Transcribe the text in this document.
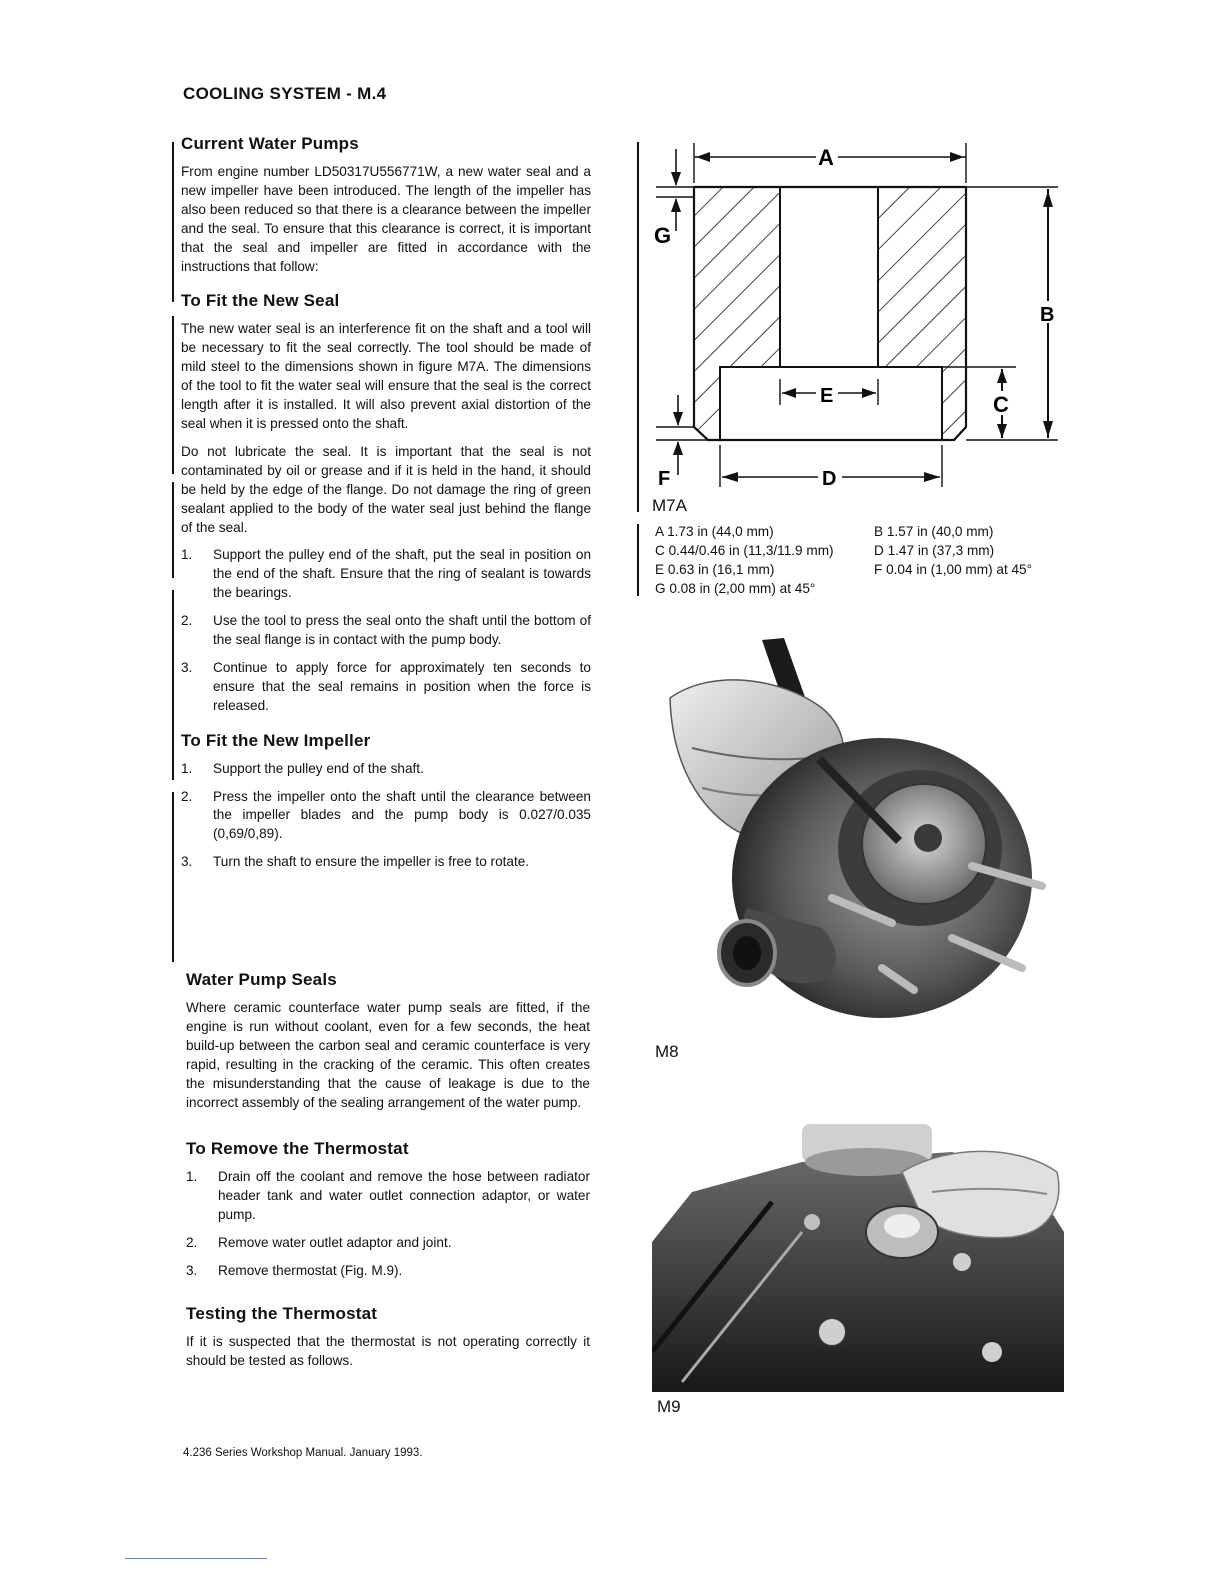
COOLING SYSTEM - M.4
Current Water Pumps

From engine number LD50317U556771W, a new water seal and a new impeller have been introduced. The length of the impeller has also been reduced so that there is a clearance between the impeller and the seal. To ensure that this clearance is correct, it is important that the seal and impeller are fitted in accordance with the instructions that follow:

To Fit the New Seal

The new water seal is an interference fit on the shaft and a tool will be necessary to fit the seal correctly. The tool should be made of mild steel to the dimensions shown in figure M7A. The dimensions of the tool to fit the water seal will ensure that the seal is the correct length after it is installed. It will also prevent axial distortion of the seal when it is pressed onto the shaft.

Do not lubricate the seal. It is important that the seal is not contaminated by oil or grease and if it is held in the hand, it should be held by the edge of the flange. Do not damage the ring of green sealant applied to the body of the water seal just behind the flange of the seal.

1. Support the pulley end of the shaft, put the seal in position on the end of the shaft. Ensure that the ring of sealant is towards the bearings.
2. Use the tool to press the seal onto the shaft until the bottom of the seal flange is in contact with the pump body.
3. Continue to apply force for approximately ten seconds to ensure that the seal remains in position when the force is released.
To Fit the New Impeller
1. Support the pulley end of the shaft.
2. Press the impeller onto the shaft until the clearance between the impeller blades and the pump body is 0.027/0.035 (0,69/0,89).
3. Turn the shaft to ensure the impeller is free to rotate.
Water Pump Seals

Where ceramic counterface water pump seals are fitted, if the engine is run without coolant, even for a few seconds, the heat build-up between the carbon seal and ceramic counterface is very rapid, resulting in the cracking of the ceramic. This often creates the misunderstanding that the cause of leakage is due to the incorrect assembly of the sealing arrangement of the water pump.

To Remove the Thermostat
1. Drain off the coolant and remove the hose between radiator header tank and water outlet connection adaptor, or water pump.
2. Remove water outlet adaptor and joint.
3. Remove thermostat (Fig. M.9).
Testing the Thermostat

If it is suspected that the thermostat is not operating correctly it should be tested as follows.

A
B
C
E
D
G
F
M7A
A 1.73 in (44,0 mm)	B 1.57 in (40,0 mm)
C 0.44/0.46 in (11,3/11.9 mm)	D 1.47 in (37,3 mm)
E 0.63 in (16,1 mm)	F 0.04 in (1,00 mm) at 45°
G 0.08 in (2,00 mm) at 45°
M8
M9
4.236 Series Workshop Manual. January 1993.
